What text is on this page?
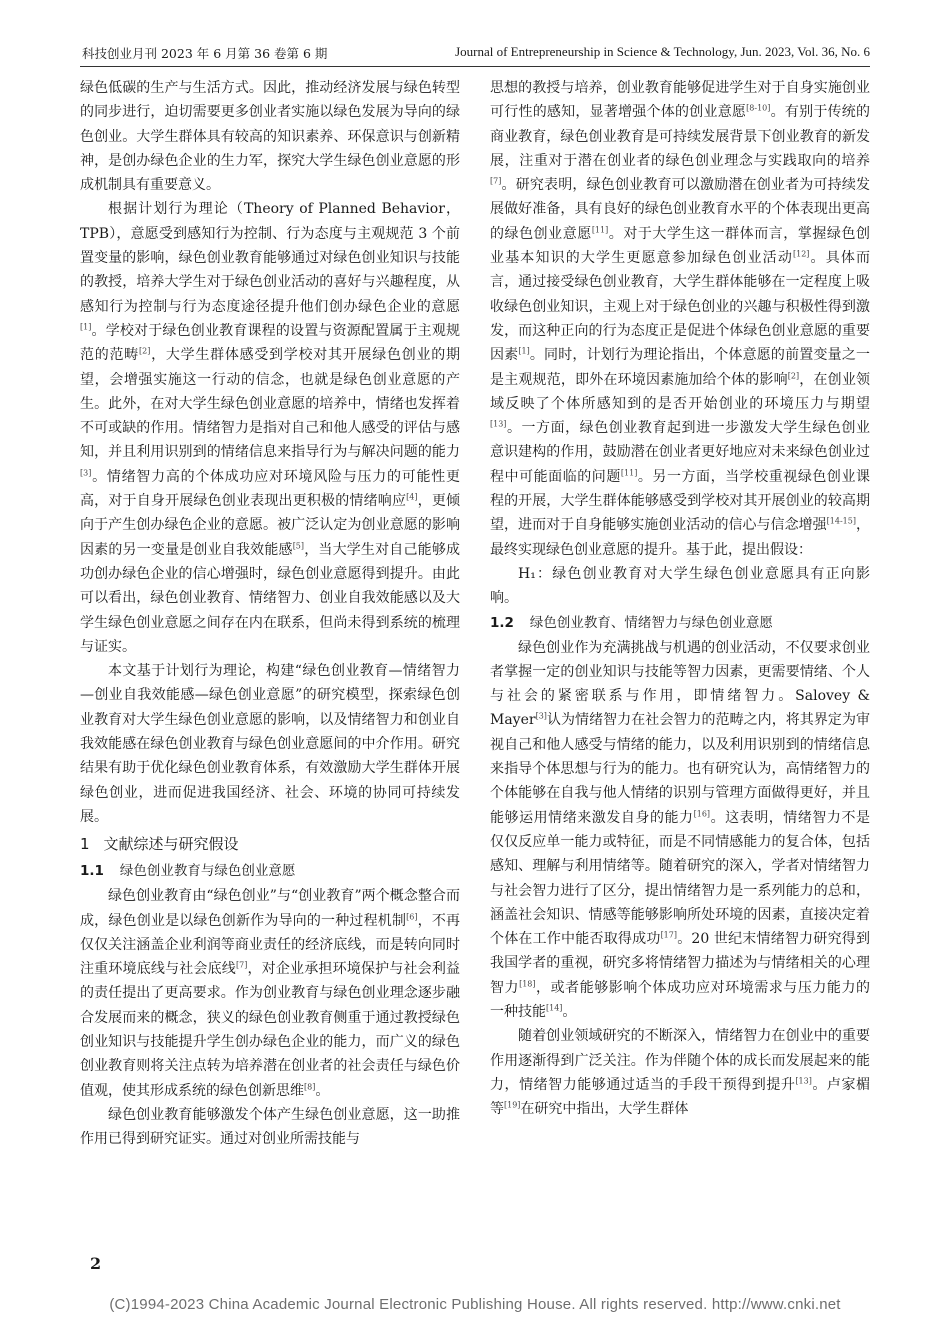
科技创业月刊 2023 年 6 月第 36 卷第 6 期	Journal of Entrepreneurship in Science & Technology, Jun. 2023, Vol. 36, No. 6

绿色低碳的生产与生活方式。因此，推动经济发展与绿色转型的同步进行，迫切需要更多创业者实施以绿色发展为导向的绿色创业。大学生群体具有较高的知识素养、环保意识与创新精神，是创办绿色企业的生力军，探究大学生绿色创业意愿的形成机制具有重要意义。

根据计划行为理论（Theory of Planned Behavior，TPB），意愿受到感知行为控制、行为态度与主观规范 3 个前置变量的影响，绿色创业教育能够通过对绿色创业知识与技能的教授，培养大学生对于绿色创业活动的喜好与兴趣程度，从感知行为控制与行为态度途径提升他们创办绿色企业的意愿[1]。学校对于绿色创业教育课程的设置与资源配置属于主观规范的范畴[2]，大学生群体感受到学校对其开展绿色创业的期望，会增强实施这一行动的信念，也就是绿色创业意愿的产生。此外，在对大学生绿色创业意愿的培养中，情绪也发挥着不可或缺的作用。情绪智力是指对自己和他人感受的评估与感知，并且利用识别到的情绪信息来指导行为与解决问题的能力[3]。情绪智力高的个体成功应对环境风险与压力的可能性更高，对于自身开展绿色创业表现出更积极的情绪响应[4]，更倾向于产生创办绿色企业的意愿。被广泛认定为创业意愿的影响因素的另一变量是创业自我效能感[5]，当大学生对自己能够成功创办绿色企业的信心增强时，绿色创业意愿得到提升。由此可以看出，绿色创业教育、情绪智力、创业自我效能感以及大学生绿色创业意愿之间存在内在联系，但尚未得到系统的梳理与证实。

本文基于计划行为理论，构建“绿色创业教育—情绪智力—创业自我效能感—绿色创业意愿”的研究模型，探索绿色创业教育对大学生绿色创业意愿的影响，以及情绪智力和创业自我效能感在绿色创业教育与绿色创业意愿间的中介作用。研究结果有助于优化绿色创业教育体系，有效激励大学生群体开展绿色创业，进而促进我国经济、社会、环境的协同可持续发展。

1 文献综述与研究假设
1.1 绿色创业教育与绿色创业意愿

绿色创业教育由“绿色创业”与“创业教育”两个概念整合而成，绿色创业是以绿色创新作为导向的一种过程机制[6]，不再仅仅关注涵盖企业利润等商业责任的经济底线，而是转向同时注重环境底线与社会底线[7]，对企业承担环境保护与社会利益的责任提出了更高要求。作为创业教育与绿色创业理念逐步融合发展而来的概念，狭义的绿色创业教育侧重于通过教授绿色创业知识与技能提升学生创办绿色企业的能力，而广义的绿色创业教育则将关注点转为培养潜在创业者的社会责任与绿色价值观，使其形成系统的绿色创新思维[8]。

绿色创业教育能够激发个体产生绿色创业意愿，这一助推作用已得到研究证实。通过对创业所需技能与

思想的教授与培养，创业教育能够促进学生对于自身实施创业可行性的感知，显著增强个体的创业意愿[8-10]。有别于传统的商业教育，绿色创业教育是可持续发展背景下创业教育的新发展，注重对于潜在创业者的绿色创业理念与实践取向的培养[7]。研究表明，绿色创业教育可以激励潜在创业者为可持续发展做好准备，具有良好的绿色创业教育水平的个体表现出更高的绿色创业意愿[11]。对于大学生这一群体而言，掌握绿色创业基本知识的大学生更愿意参加绿色创业活动[12]。具体而言，通过接受绿色创业教育，大学生群体能够在一定程度上吸收绿色创业知识，主观上对于绿色创业的兴趣与积极性得到激发，而这种正向的行为态度正是促进个体绿色创业意愿的重要因素[1]。同时，计划行为理论指出，个体意愿的前置变量之一是主观规范，即外在环境因素施加给个体的影响[2]，在创业领域反映了个体所感知到的是否开始创业的环境压力与期望[13]。一方面，绿色创业教育起到进一步激发大学生绿色创业意识建构的作用，鼓励潜在创业者更好地应对未来绿色创业过程中可能面临的问题[11]。另一方面，当学校重视绿色创业课程的开展，大学生群体能够感受到学校对其开展创业的较高期望，进而对于自身能够实施创业活动的信心与信念增强[14-15]，最终实现绿色创业意愿的提升。基于此，提出假设：

H₁：绿色创业教育对大学生绿色创业意愿具有正向影响。

1.2 绿色创业教育、情绪智力与绿色创业意愿

绿色创业作为充满挑战与机遇的创业活动，不仅要求创业者掌握一定的创业知识与技能等智力因素，更需要情绪、个人与社会的紧密联系与作用，即情绪智力。Salovey & Mayer[3]认为情绪智力在社会智力的范畴之内，将其界定为审视自己和他人感受与情绪的能力，以及利用识别到的情绪信息来指导个体思想与行为的能力。也有研究认为，高情绪智力的个体能够在自我与他人情绪的识别与管理方面做得更好，并且能够运用情绪来激发自身的能力[16]。这表明，情绪智力不是仅仅反应单一能力或特征，而是不同情感能力的复合体，包括感知、理解与利用情绪等。随着研究的深入，学者对情绪智力与社会智力进行了区分，提出情绪智力是一系列能力的总和，涵盖社会知识、情感等能够影响所处环境的因素，直接决定着个体在工作中能否取得成功[17]。20 世纪末情绪智力研究得到我国学者的重视，研究多将情绪智力描述为与情绪相关的心理智力[18]，或者能够影响个体成功应对环境需求与压力能力的一种技能[14]。

随着创业领域研究的不断深入，情绪智力在创业中的重要作用逐渐得到广泛关注。作为伴随个体的成长而发展起来的能力，情绪智力能够通过适当的手段干预得到提升[13]。卢家楣等[19]在研究中指出，大学生群体

2
(C)1994-2023 China Academic Journal Electronic Publishing House. All rights reserved. http://www.cnki.net
